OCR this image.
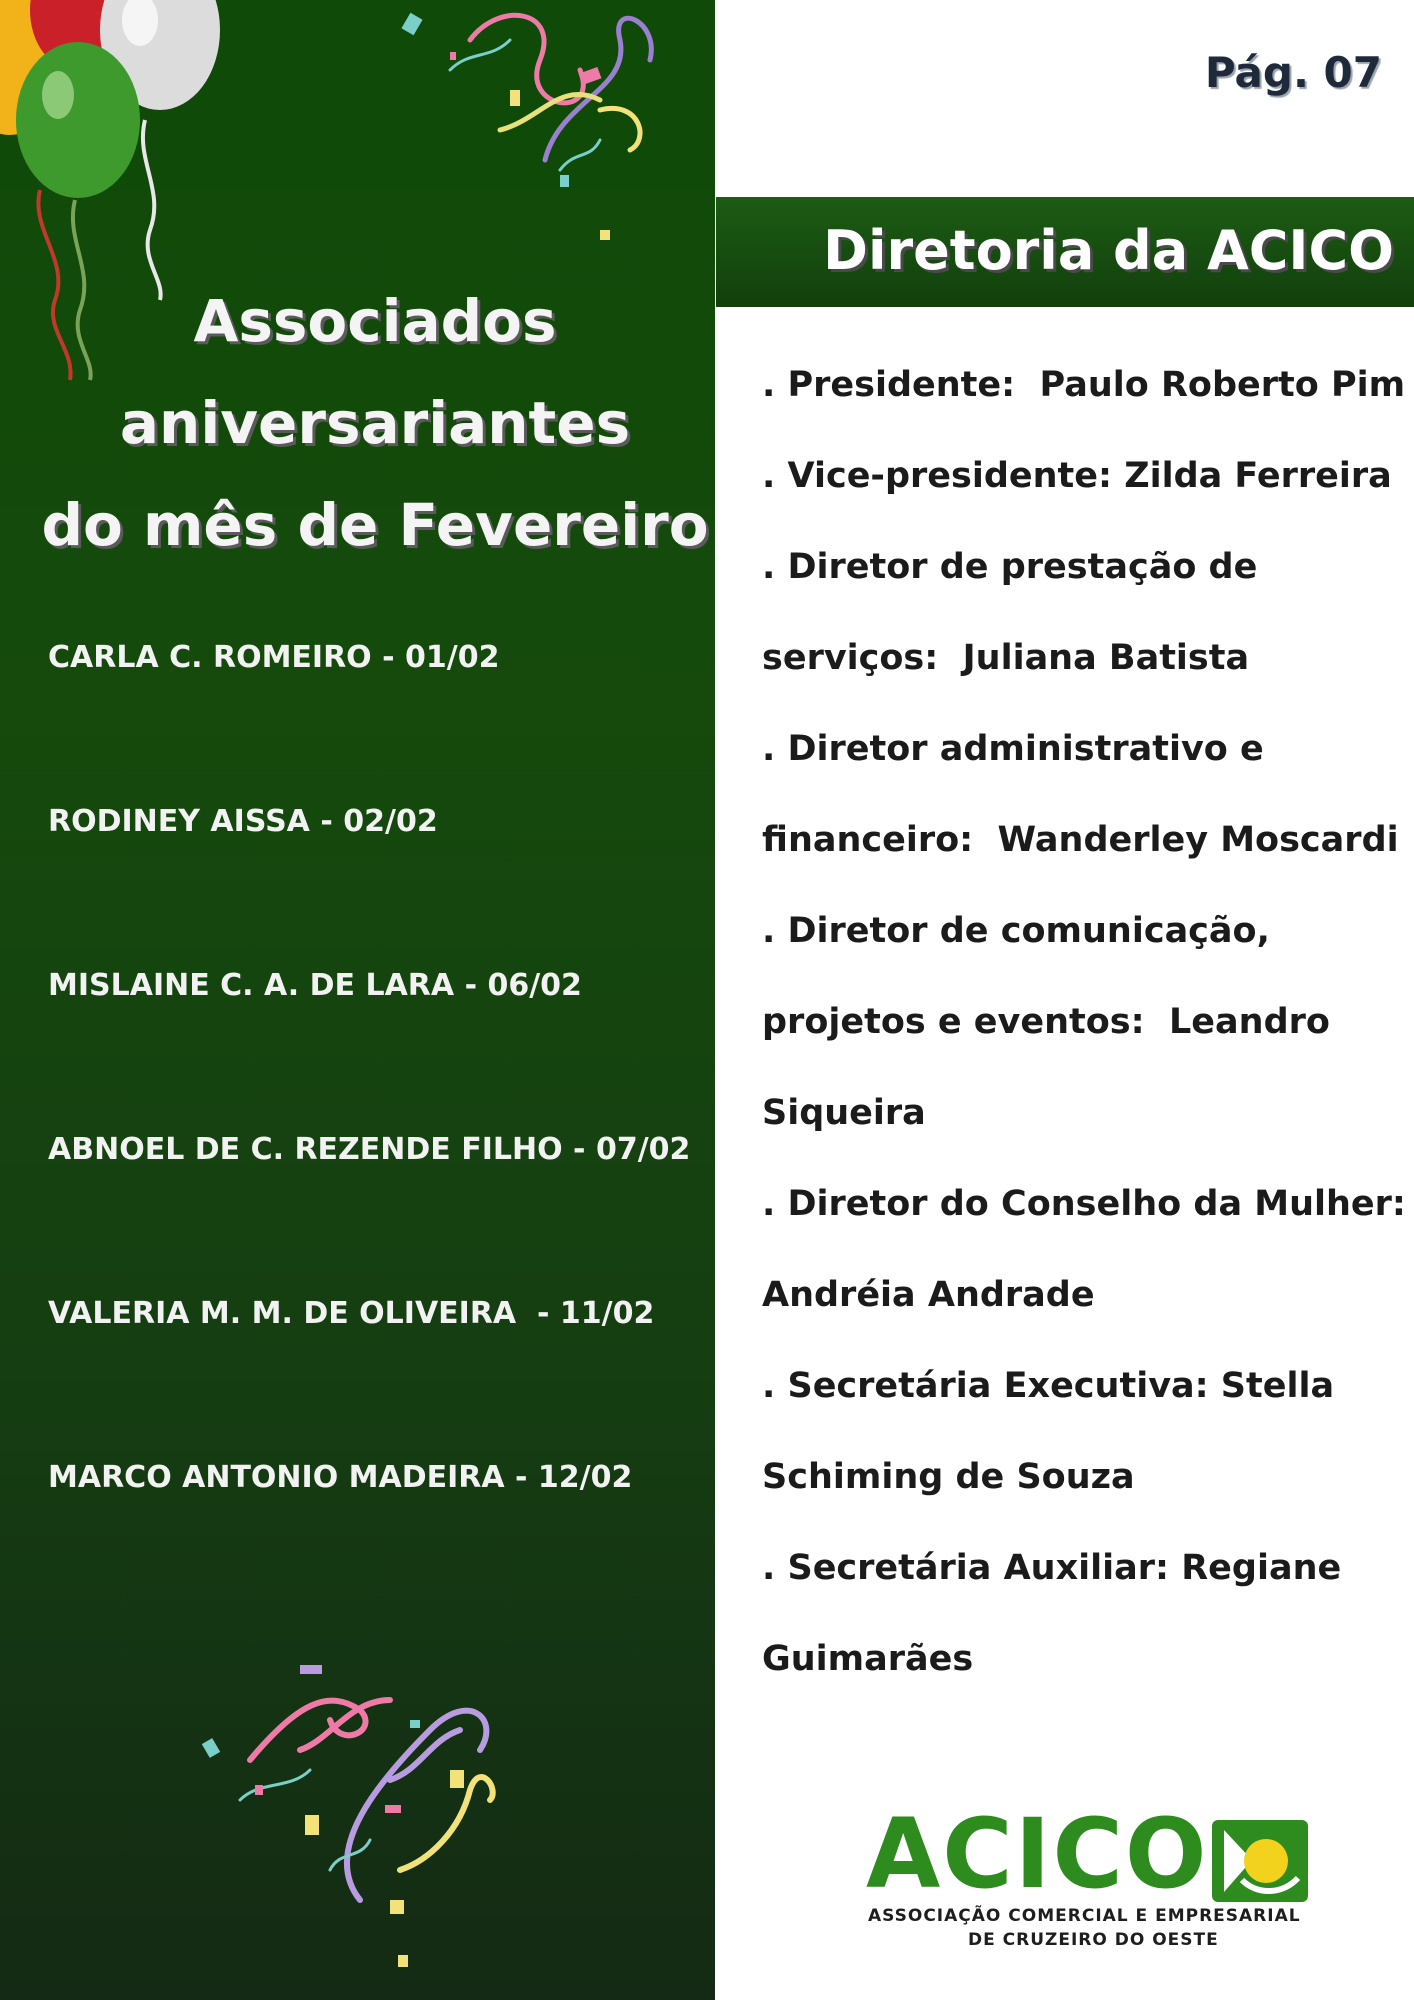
Associados
aniversariantes
do mês de Fevereiro
CARLA C. ROMEIRO - 01/02
RODINEY AISSA - 02/02
MISLAINE C. A. DE LARA - 06/02
ABNOEL DE C. REZENDE FILHO - 07/02
VALERIA M. M. DE OLIVEIRA  - 11/02
MARCO ANTONIO MADEIRA - 12/02
Pág. 07
Diretoria da ACICO
. Presidente:  Paulo Roberto Pim
. Vice-presidente: Zilda Ferreira
. Diretor de prestação de
serviços:  Juliana Batista
. Diretor administrativo e
financeiro:  Wanderley Moscardi
. Diretor de comunicação,
projetos e eventos:  Leandro
Siqueira
. Diretor do Conselho da Mulher:
Andréia Andrade
. Secretária Executiva: Stella
Schiming de Souza
. Secretária Auxiliar: Regiane
Guimarães
ACICO
ASSOCIAÇÃO COMERCIAL E EMPRESARIAL
DE CRUZEIRO DO OESTE
